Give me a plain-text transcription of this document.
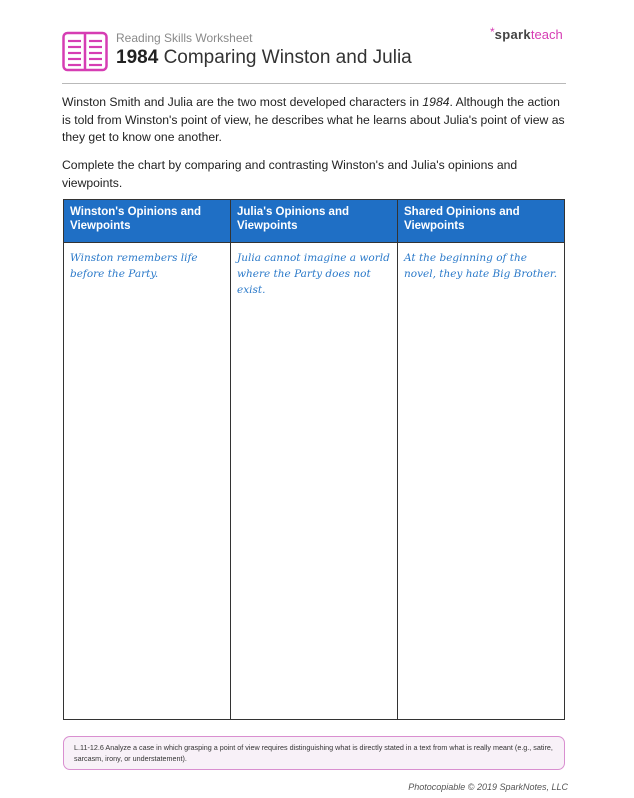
Reading Skills Worksheet
1984 Comparing Winston and Julia
*sparkteach

Winston Smith and Julia are the two most developed characters in 1984. Although the action is told from Winston's point of view, he describes what he learns about Julia's point of view as they get to know one another.

Complete the chart by comparing and contrasting Winston's and Julia's opinions and viewpoints.

Winston's Opinions and Viewpoints
Winston remembers life before the Party.
Julia's Opinions and Viewpoints
Julia cannot imagine a world where the Party does not exist.
Shared Opinions and Viewpoints
At the beginning of the novel, they hate Big Brother.
L.11-12.6 Analyze a case in which grasping a point of view requires distinguishing what is directly stated in a text from what is really meant (e.g., satire, sarcasm, irony, or understatement).
Photocopiable © 2019 SparkNotes, LLC
